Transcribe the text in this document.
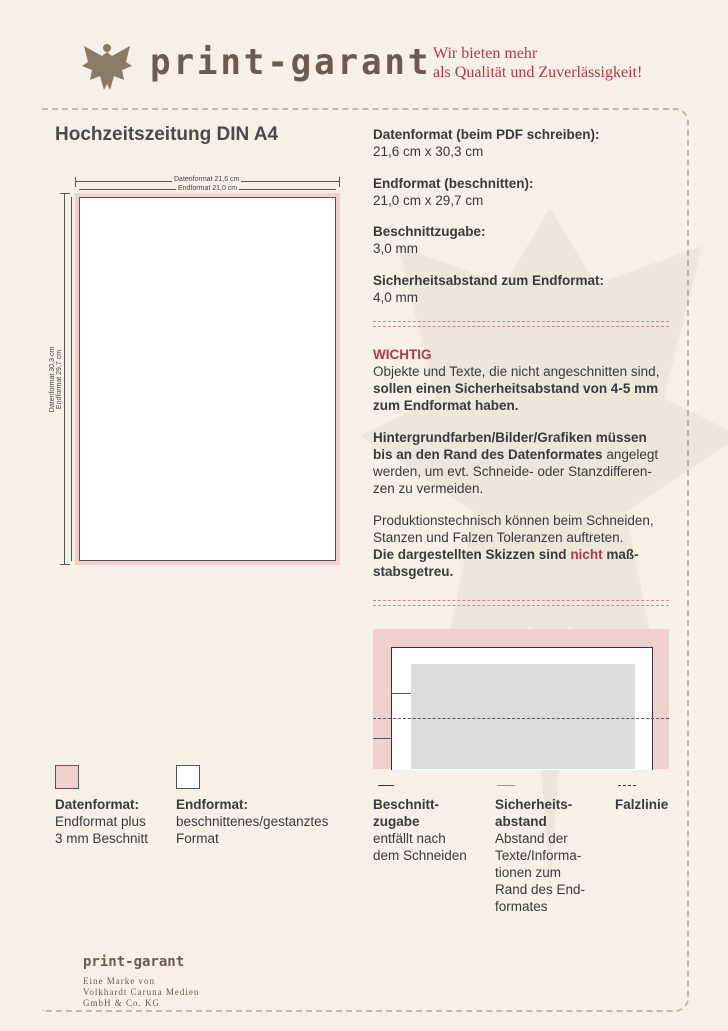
print-garant Wir bieten mehr
als Qualität und Zuverlässigkeit!
Hochzeitszeitung DIN A4
Datenformat 21,6 cm
Endformat 21,0 cm
Datenformat 30,3 cm Endformat 29,7 cm
Datenformat (beim PDF schreiben):
21,6 cm x 30,3 cm
Endformat (beschnitten):
21,0 cm x 29,7 cm
Beschnittzugabe:
3,0 mm
Sicherheitsabstand zum Endformat:
4,0 mm
WICHTIG
Objekte und Texte, die nicht angeschnitten sind,
sollen einen Sicherheitsabstand von 4-5 mm
zum Endformat haben.
Hintergrundfarben/Bilder/Grafiken müssen
bis an den Rand des Datenformates angelegt
werden, um evt. Schneide- oder Stanzdifferen-
zen zu vermeiden.
Produktionstechnisch können beim Schneiden,
Stanzen und Falzen Toleranzen auftreten.
Die dargestellten Skizzen sind nicht maß-
stabsgetreu.
Datenformat:
Endformat plus
3 mm Beschnitt
Endformat:
beschnittenes/gestanztes
Format
Beschnitt-
zugabe
entfällt nach
dem Schneiden
Sicherheits-
abstand
Abstand der
Texte/Informa-
tionen zum
Rand des End-
formates
Falzlinie
print-garant
Eine Marke von
Volkhardt Caruna Medien
GmbH & Co. KG
